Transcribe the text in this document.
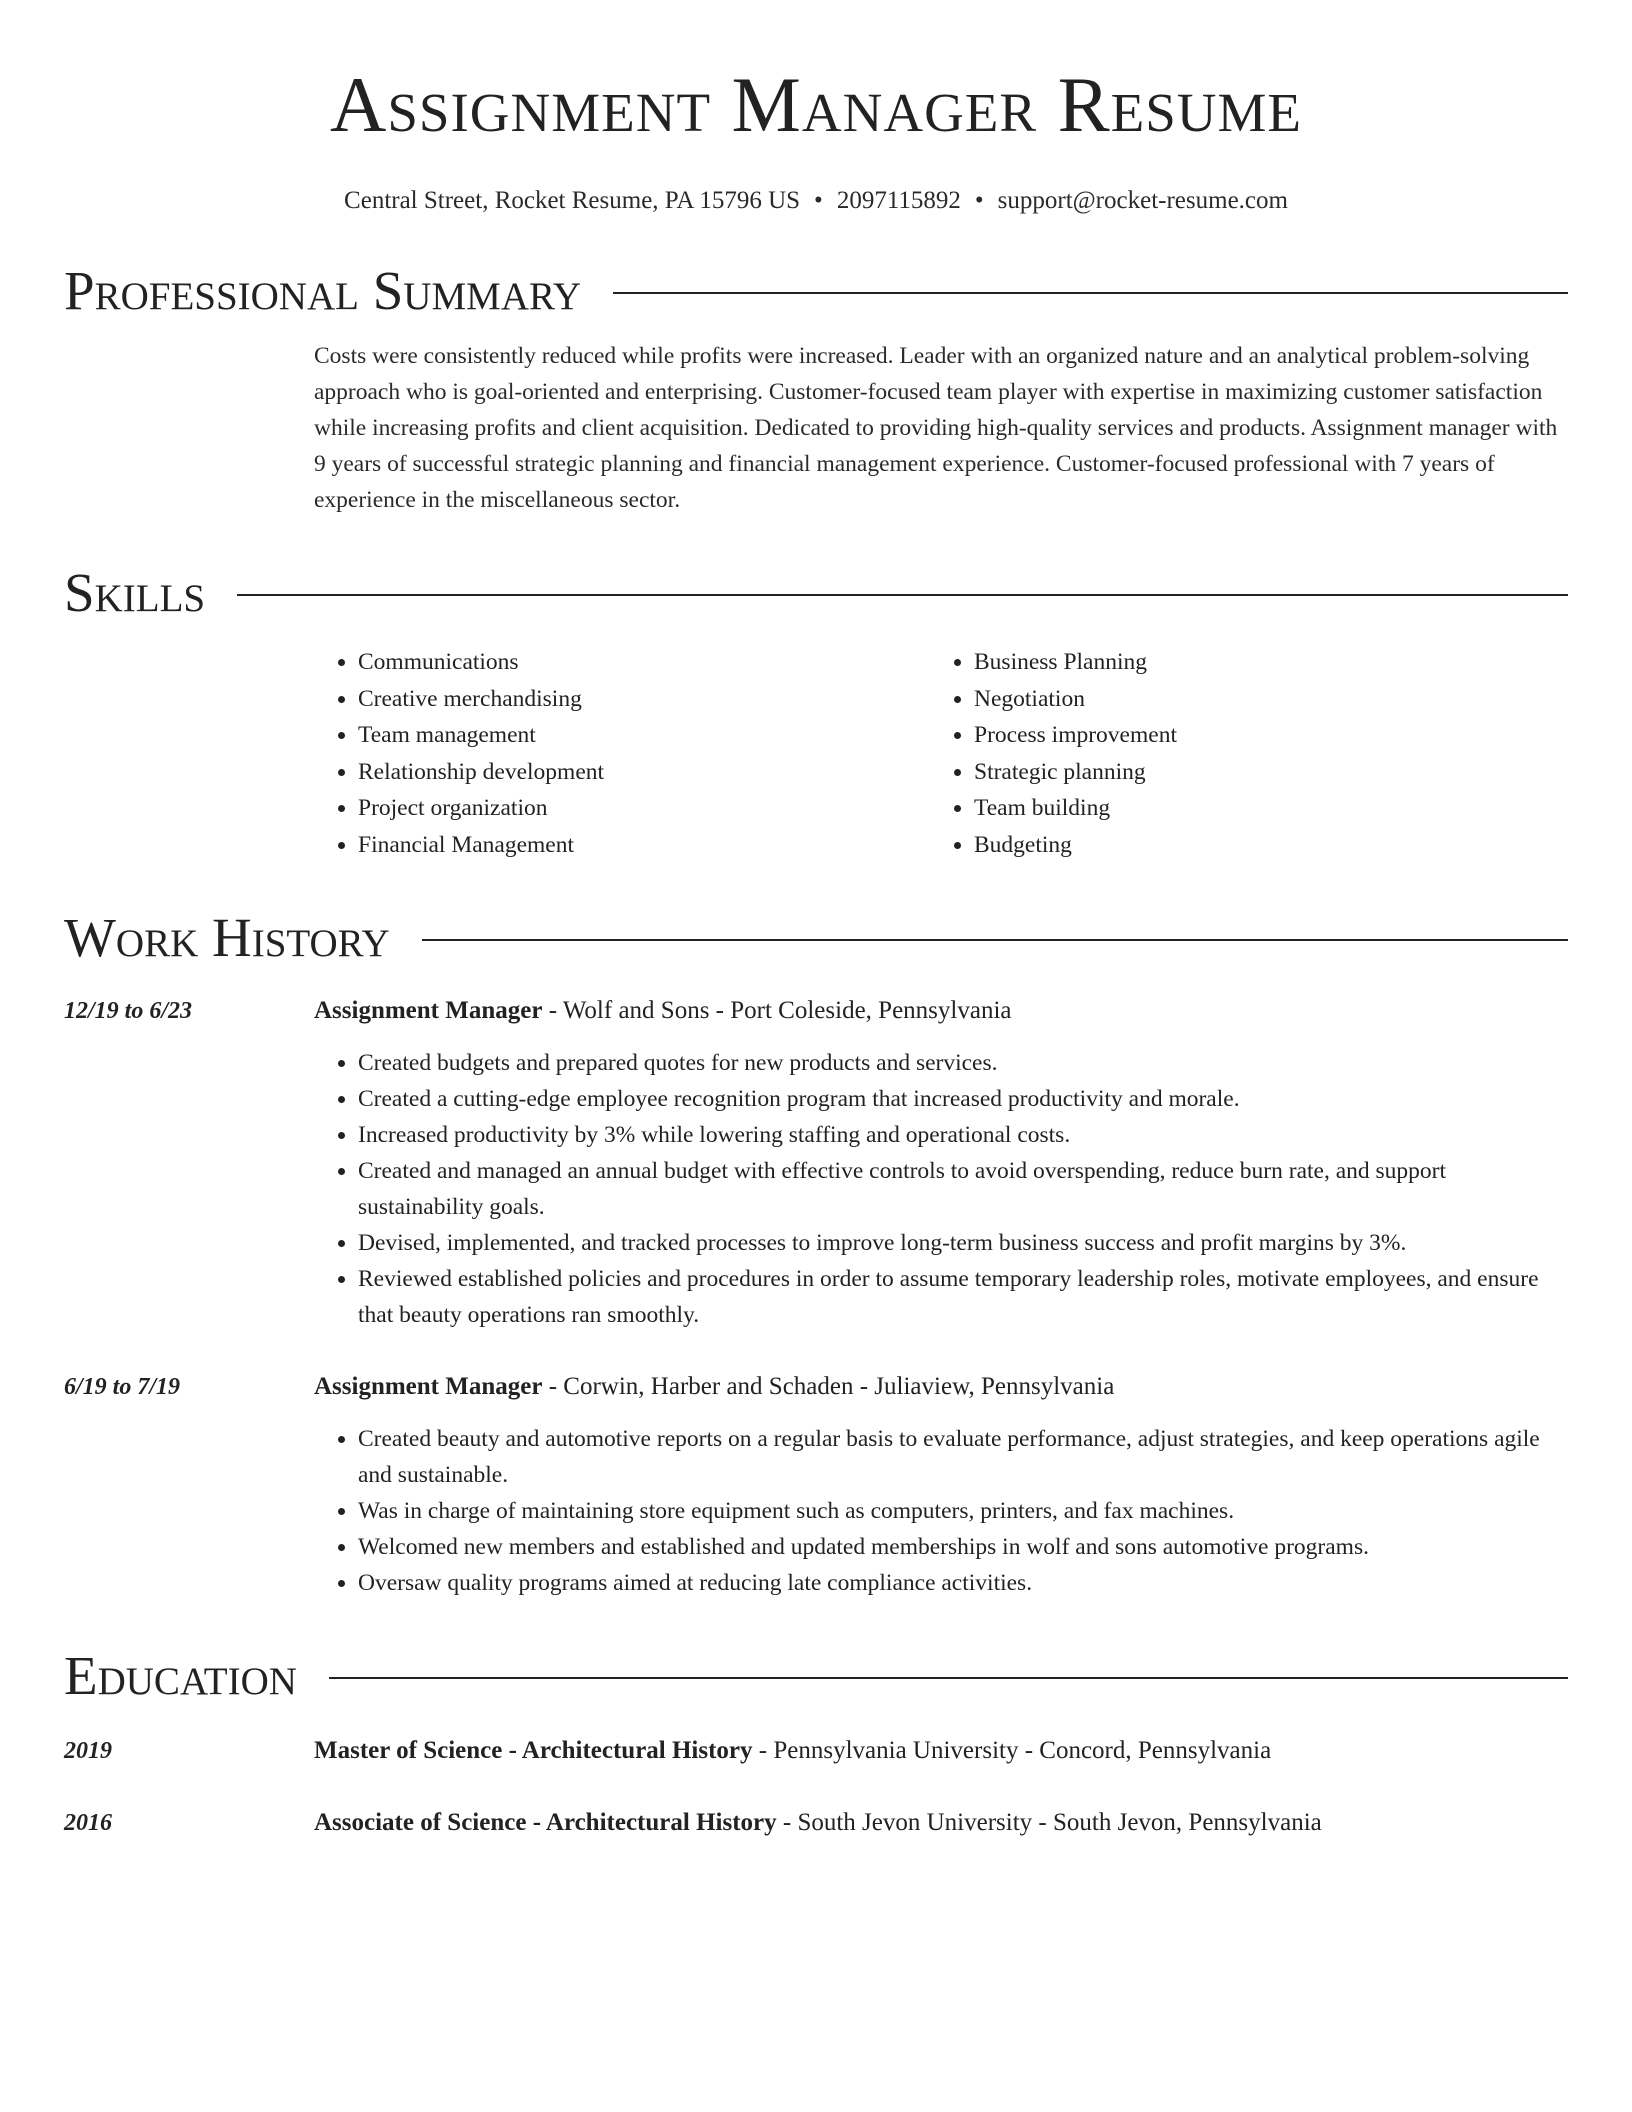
Assignment Manager Resume
Central Street, Rocket Resume, PA 15796 US • 2097115892 • support@rocket-resume.com
Professional Summary
Costs were consistently reduced while profits were increased. Leader with an organized nature and an analytical problem-solving approach who is goal-oriented and enterprising. Customer-focused team player with expertise in maximizing customer satisfaction while increasing profits and client acquisition. Dedicated to providing high-quality services and products. Assignment manager with 9 years of successful strategic planning and financial management experience. Customer-focused professional with 7 years of experience in the miscellaneous sector.
Skills
• Communications
• Creative merchandising
• Team management
• Relationship development
• Project organization
• Financial Management
• Business Planning
• Negotiation
• Process improvement
• Strategic planning
• Team building
• Budgeting
Work History
12/19 to 6/23	Assignment Manager - Wolf and Sons - Port Coleside, Pennsylvania
• Created budgets and prepared quotes for new products and services.
• Created a cutting-edge employee recognition program that increased productivity and morale.
• Increased productivity by 3% while lowering staffing and operational costs.
• Created and managed an annual budget with effective controls to avoid overspending, reduce burn rate, and support sustainability goals.
• Devised, implemented, and tracked processes to improve long-term business success and profit margins by 3%.
• Reviewed established policies and procedures in order to assume temporary leadership roles, motivate employees, and ensure that beauty operations ran smoothly.
6/19 to 7/19	Assignment Manager - Corwin, Harber and Schaden - Juliaview, Pennsylvania
• Created beauty and automotive reports on a regular basis to evaluate performance, adjust strategies, and keep operations agile and sustainable.
• Was in charge of maintaining store equipment such as computers, printers, and fax machines.
• Welcomed new members and established and updated memberships in wolf and sons automotive programs.
• Oversaw quality programs aimed at reducing late compliance activities.
Education
2019	Master of Science - Architectural History - Pennsylvania University - Concord, Pennsylvania
2016	Associate of Science - Architectural History - South Jevon University - South Jevon, Pennsylvania
